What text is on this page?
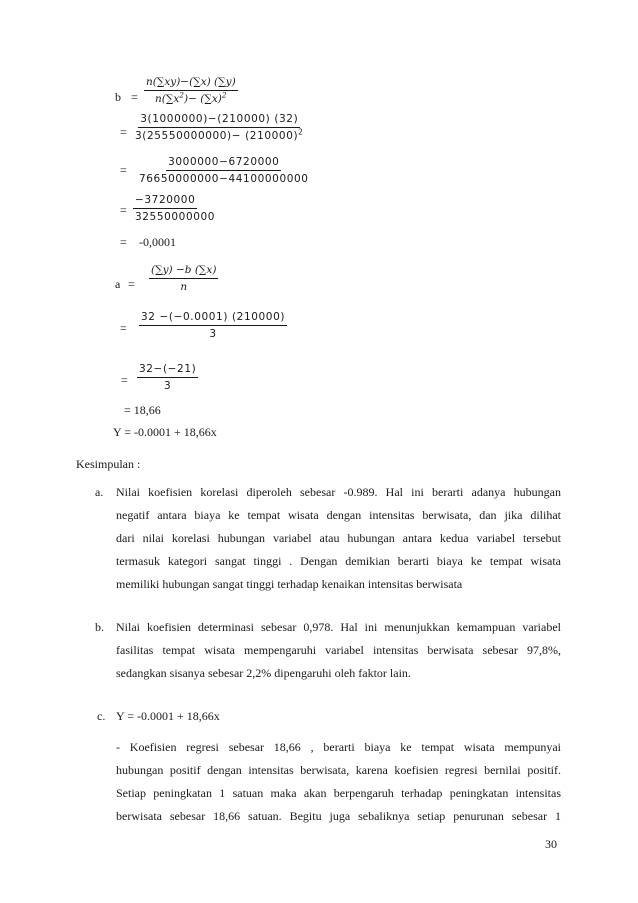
$b = \frac{n(\sum xy)-(\sum x) (\sum y)}{n(\sum x^2)- (\sum x)^2}$
= $\frac{3(1000000)-(210000) (32)}{3(25550000000)- (210000)^2}$
= $\frac{3000000-6720000}{76650000000-44100000000}$
= $\frac{-3720000}{32550000000}$
= -0,0001
$a = \frac{(\sum y) -b (\sum x)}{n}$
= $\frac{32 -(-0.0001) (210000)}{3}$
= $\frac{32-(-21)}{3}$
= 18,66
Y = -0.0001 + 18,66x
Kesimpulan :
a. Nilai koefisien korelasi diperoleh sebesar -0.989. Hal ini berarti adanya hubungan
negatif antara biaya ke tempat wisata dengan intensitas berwisata, dan jika dilihat
dari nilai korelasi hubungan variabel atau hubungan antara kedua variabel tersebut
termasuk kategori sangat tinggi . Dengan demikian berarti biaya ke tempat wisata
memiliki hubungan sangat tinggi terhadap kenaikan intensitas berwisata
b. Nilai koefisien determinasi sebesar 0,978. Hal ini menunjukkan kemampuan variabel
fasilitas tempat wisata mempengaruhi variabel intensitas berwisata sebesar 97,8%,
sedangkan sisanya sebesar 2,2% dipengaruhi oleh faktor lain.
c. Y = -0.0001 + 18,66x
- Koefisien regresi sebesar 18,66 , berarti biaya ke tempat wisata mempunyai
hubungan positif dengan intensitas berwisata, karena koefisien regresi bernilai positif.
Setiap peningkatan 1 satuan maka akan berpengaruh terhadap peningkatan intensitas
berwisata sebesar 18,66 satuan. Begitu juga sebaliknya setiap penurunan sebesar 1
30
